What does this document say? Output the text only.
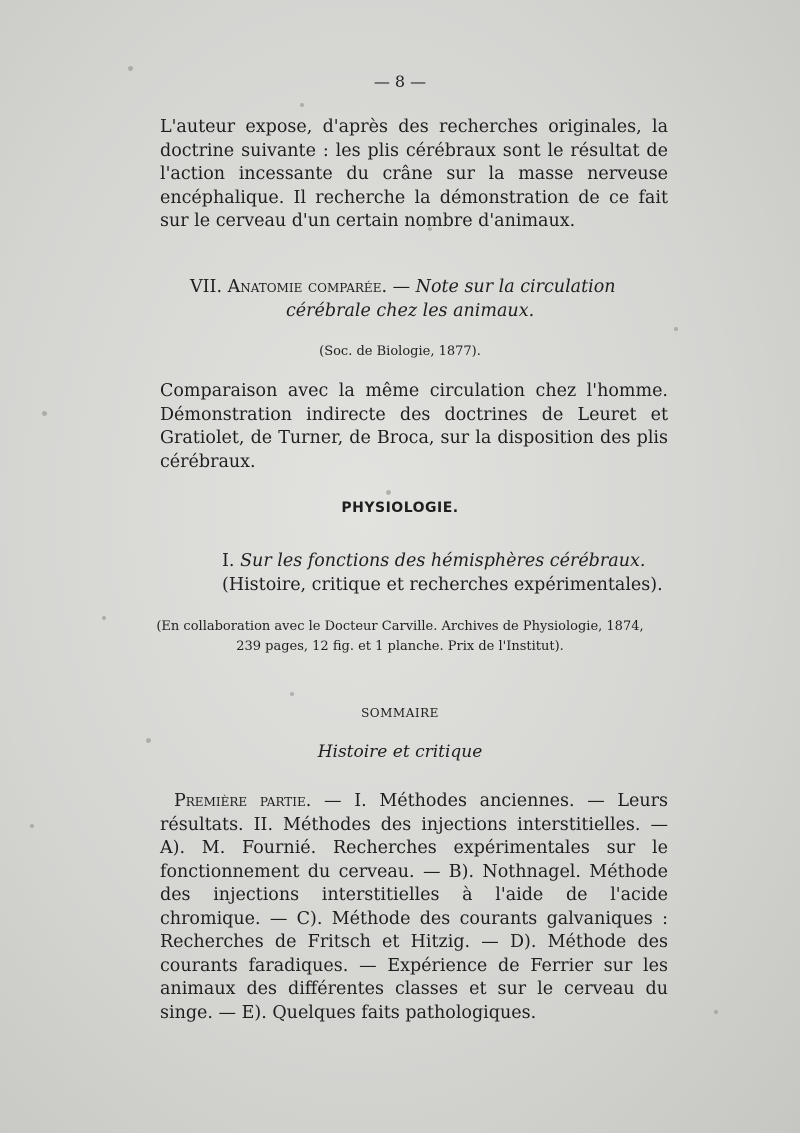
— 8 —
L'auteur expose, d'après des recherches originales, la doctrine suivante : les plis cérébraux sont le résultat de l'action incessante du crâne sur la masse nerveuse encéphalique. Il recherche la démonstration de ce fait sur le cerveau d'un certain nombre d'animaux.
VII. Anatomie comparée. — Note sur la circulation
cérébrale chez les animaux.
(Soc. de Biologie, 1877).
Comparaison avec la même circulation chez l'homme. Démonstration indirecte des doctrines de Leuret et Gratiolet, de Turner, de Broca, sur la disposition des plis cérébraux.
PHYSIOLOGIE.
I. Sur les fonctions des hémisphères cérébraux.
(Histoire, critique et recherches expérimentales).
(En collaboration avec le Docteur Carville. Archives de Physiologie, 1874,
239 pages, 12 fig. et 1 planche. Prix de l'Institut).
SOMMAIRE
Histoire et critique
Première partie. — I. Méthodes anciennes. — Leurs résultats. II. Méthodes des injections interstitielles. — A). M. Fournié. Recherches expérimentales sur le fonctionnement du cerveau. — B). Nothnagel. Méthode des injections interstitielles à l'aide de l'acide chromique. — C). Méthode des courants galvaniques : Recherches de Fritsch et Hitzig. — D). Méthode des courants faradiques. — Expérience de Ferrier sur les animaux des différentes classes et sur le cerveau du singe. — E). Quelques faits pathologiques.
